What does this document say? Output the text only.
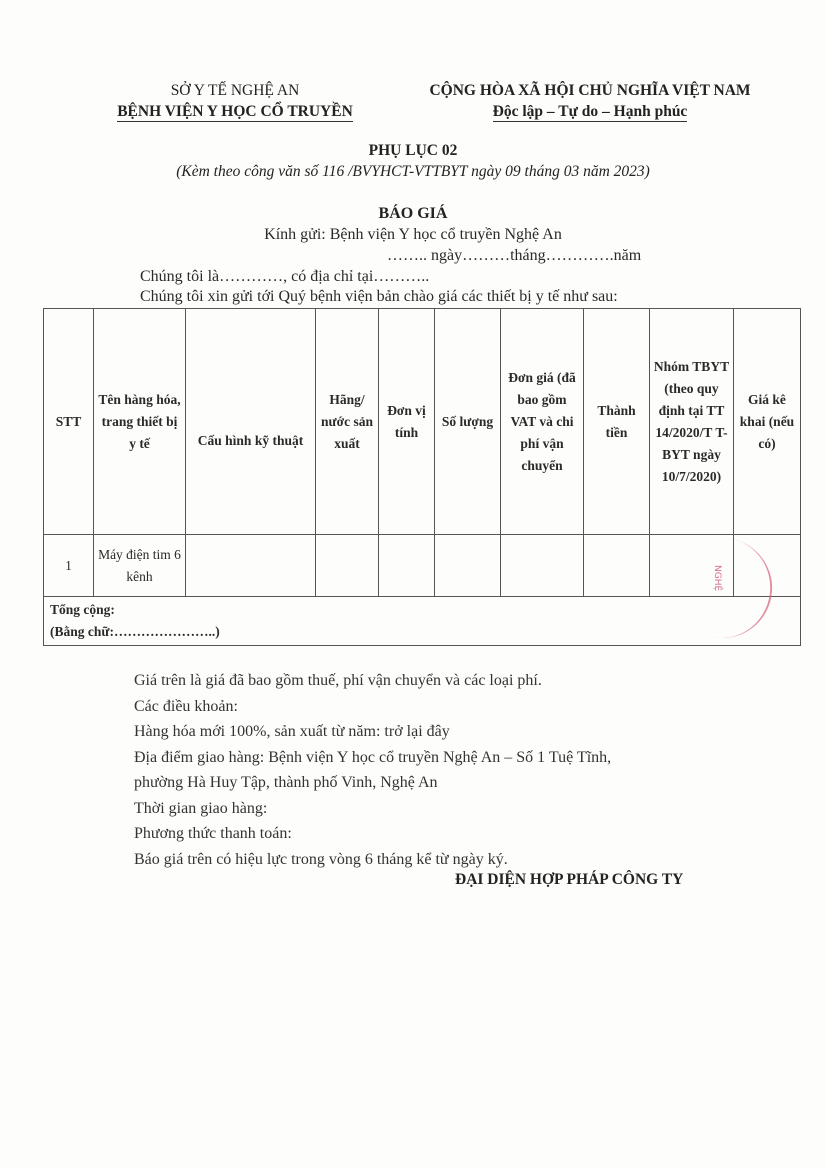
SỞ Y TẾ NGHỆ AN
BỆNH VIỆN Y HỌC CỔ TRUYỀN
CỘNG HÒA XÃ HỘI CHỦ NGHĨA VIỆT NAM
Độc lập – Tự do – Hạnh phúc
PHỤ LỤC 02
(Kèm theo công văn số 116 /BVYHCT-VTTBYT ngày 09 tháng 03 năm 2023)
BÁO GIÁ
Kính gửi: Bệnh viện Y học cổ truyền Nghệ An
…….. ngày………tháng………….năm
Chúng tôi là…………, có địa chỉ tại………..
Chúng tôi xin gửi tới Quý bệnh viện bản chào giá các thiết bị y tế như sau:
STT	Tên hàng hóa, trang thiết bị y tế	Cấu hình kỹ thuật	Hãng/ nước sản xuất	Đơn vị tính	Số lượng	Đơn giá (đã bao gồm VAT và chi phí vận chuyển	Thành tiền	Nhóm TBYT (theo quy định tại TT 14/2020/T T-BYT ngày 10/7/2020)	Giá kê khai (nếu có)
1	Máy điện tim 6 kênh								

Tổng cộng:
(Bằng chữ:…………………..)									
NGHỆ
Giá trên là giá đã bao gồm thuế, phí vận chuyển và các loại phí.
Các điều khoản:
Hàng hóa mới 100%, sản xuất từ năm: trở lại đây
Địa điểm giao hàng: Bệnh viện Y học cổ truyền Nghệ An – Số 1 Tuệ Tĩnh,
phường Hà Huy Tập, thành phố Vinh, Nghệ An
Thời gian giao hàng:
Phương thức thanh toán:
Báo giá trên có hiệu lực trong vòng 6 tháng kể từ ngày ký.
ĐẠI DIỆN HỢP PHÁP CÔNG TY
